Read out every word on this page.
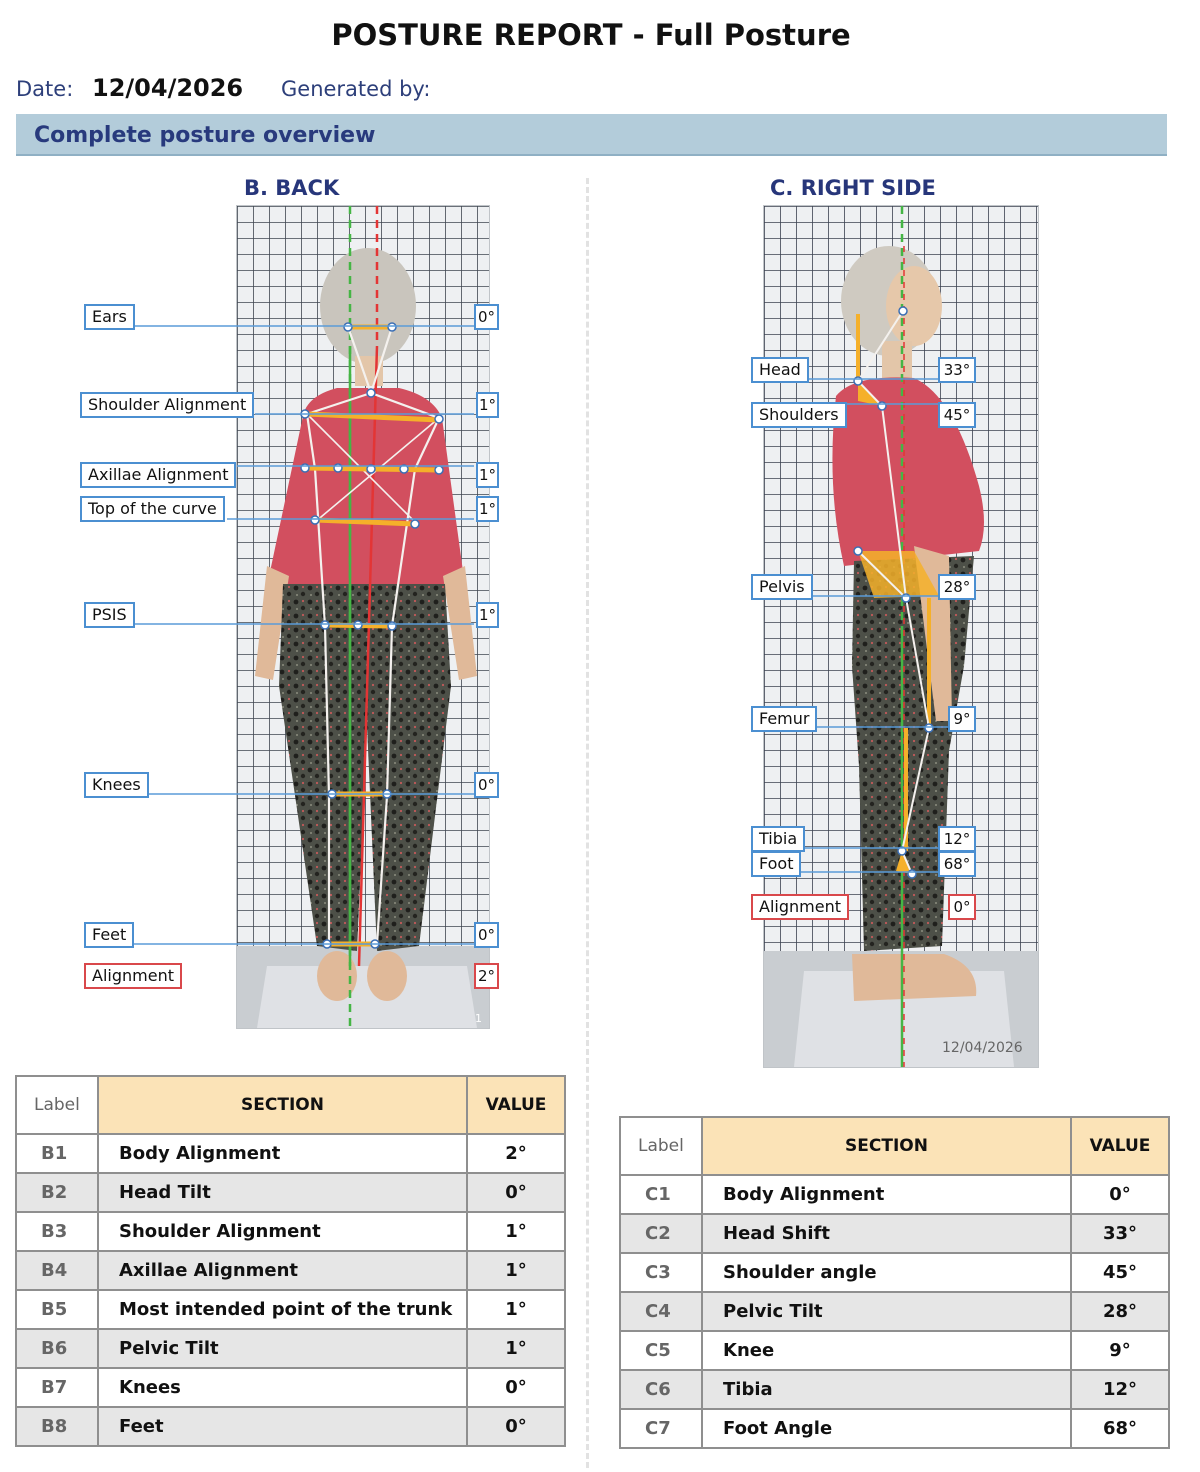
POSTURE REPORT - Full Posture
Date: 12/04/2026 Generated by:
Complete posture overview
B. BACK
1
Ears
Shoulder Alignment
Axillae Alignment
Top of the curve
PSIS
Knees
Feet
Alignment
0°
1°
1°
1°
1°
0°
0°
2°
C. RIGHT SIDE
12/04/2026
Head
Shoulders
Pelvis
Femur
Tibia
Foot
Alignment
33°
45°
28°
9°
12°
68°
0°
Label	SECTION	VALUE
B1	Body Alignment	2°
B2	Head Tilt	0°
B3	Shoulder Alignment	1°
B4	Axillae Alignment	1°
B5	Most intended point of the trunk	1°
B6	Pelvic Tilt	1°
B7	Knees	0°
B8	Feet	0°
Label	SECTION	VALUE
C1	Body Alignment	0°
C2	Head Shift	33°
C3	Shoulder angle	45°
C4	Pelvic Tilt	28°
C5	Knee	9°
C6	Tibia	12°
C7	Foot Angle	68°
